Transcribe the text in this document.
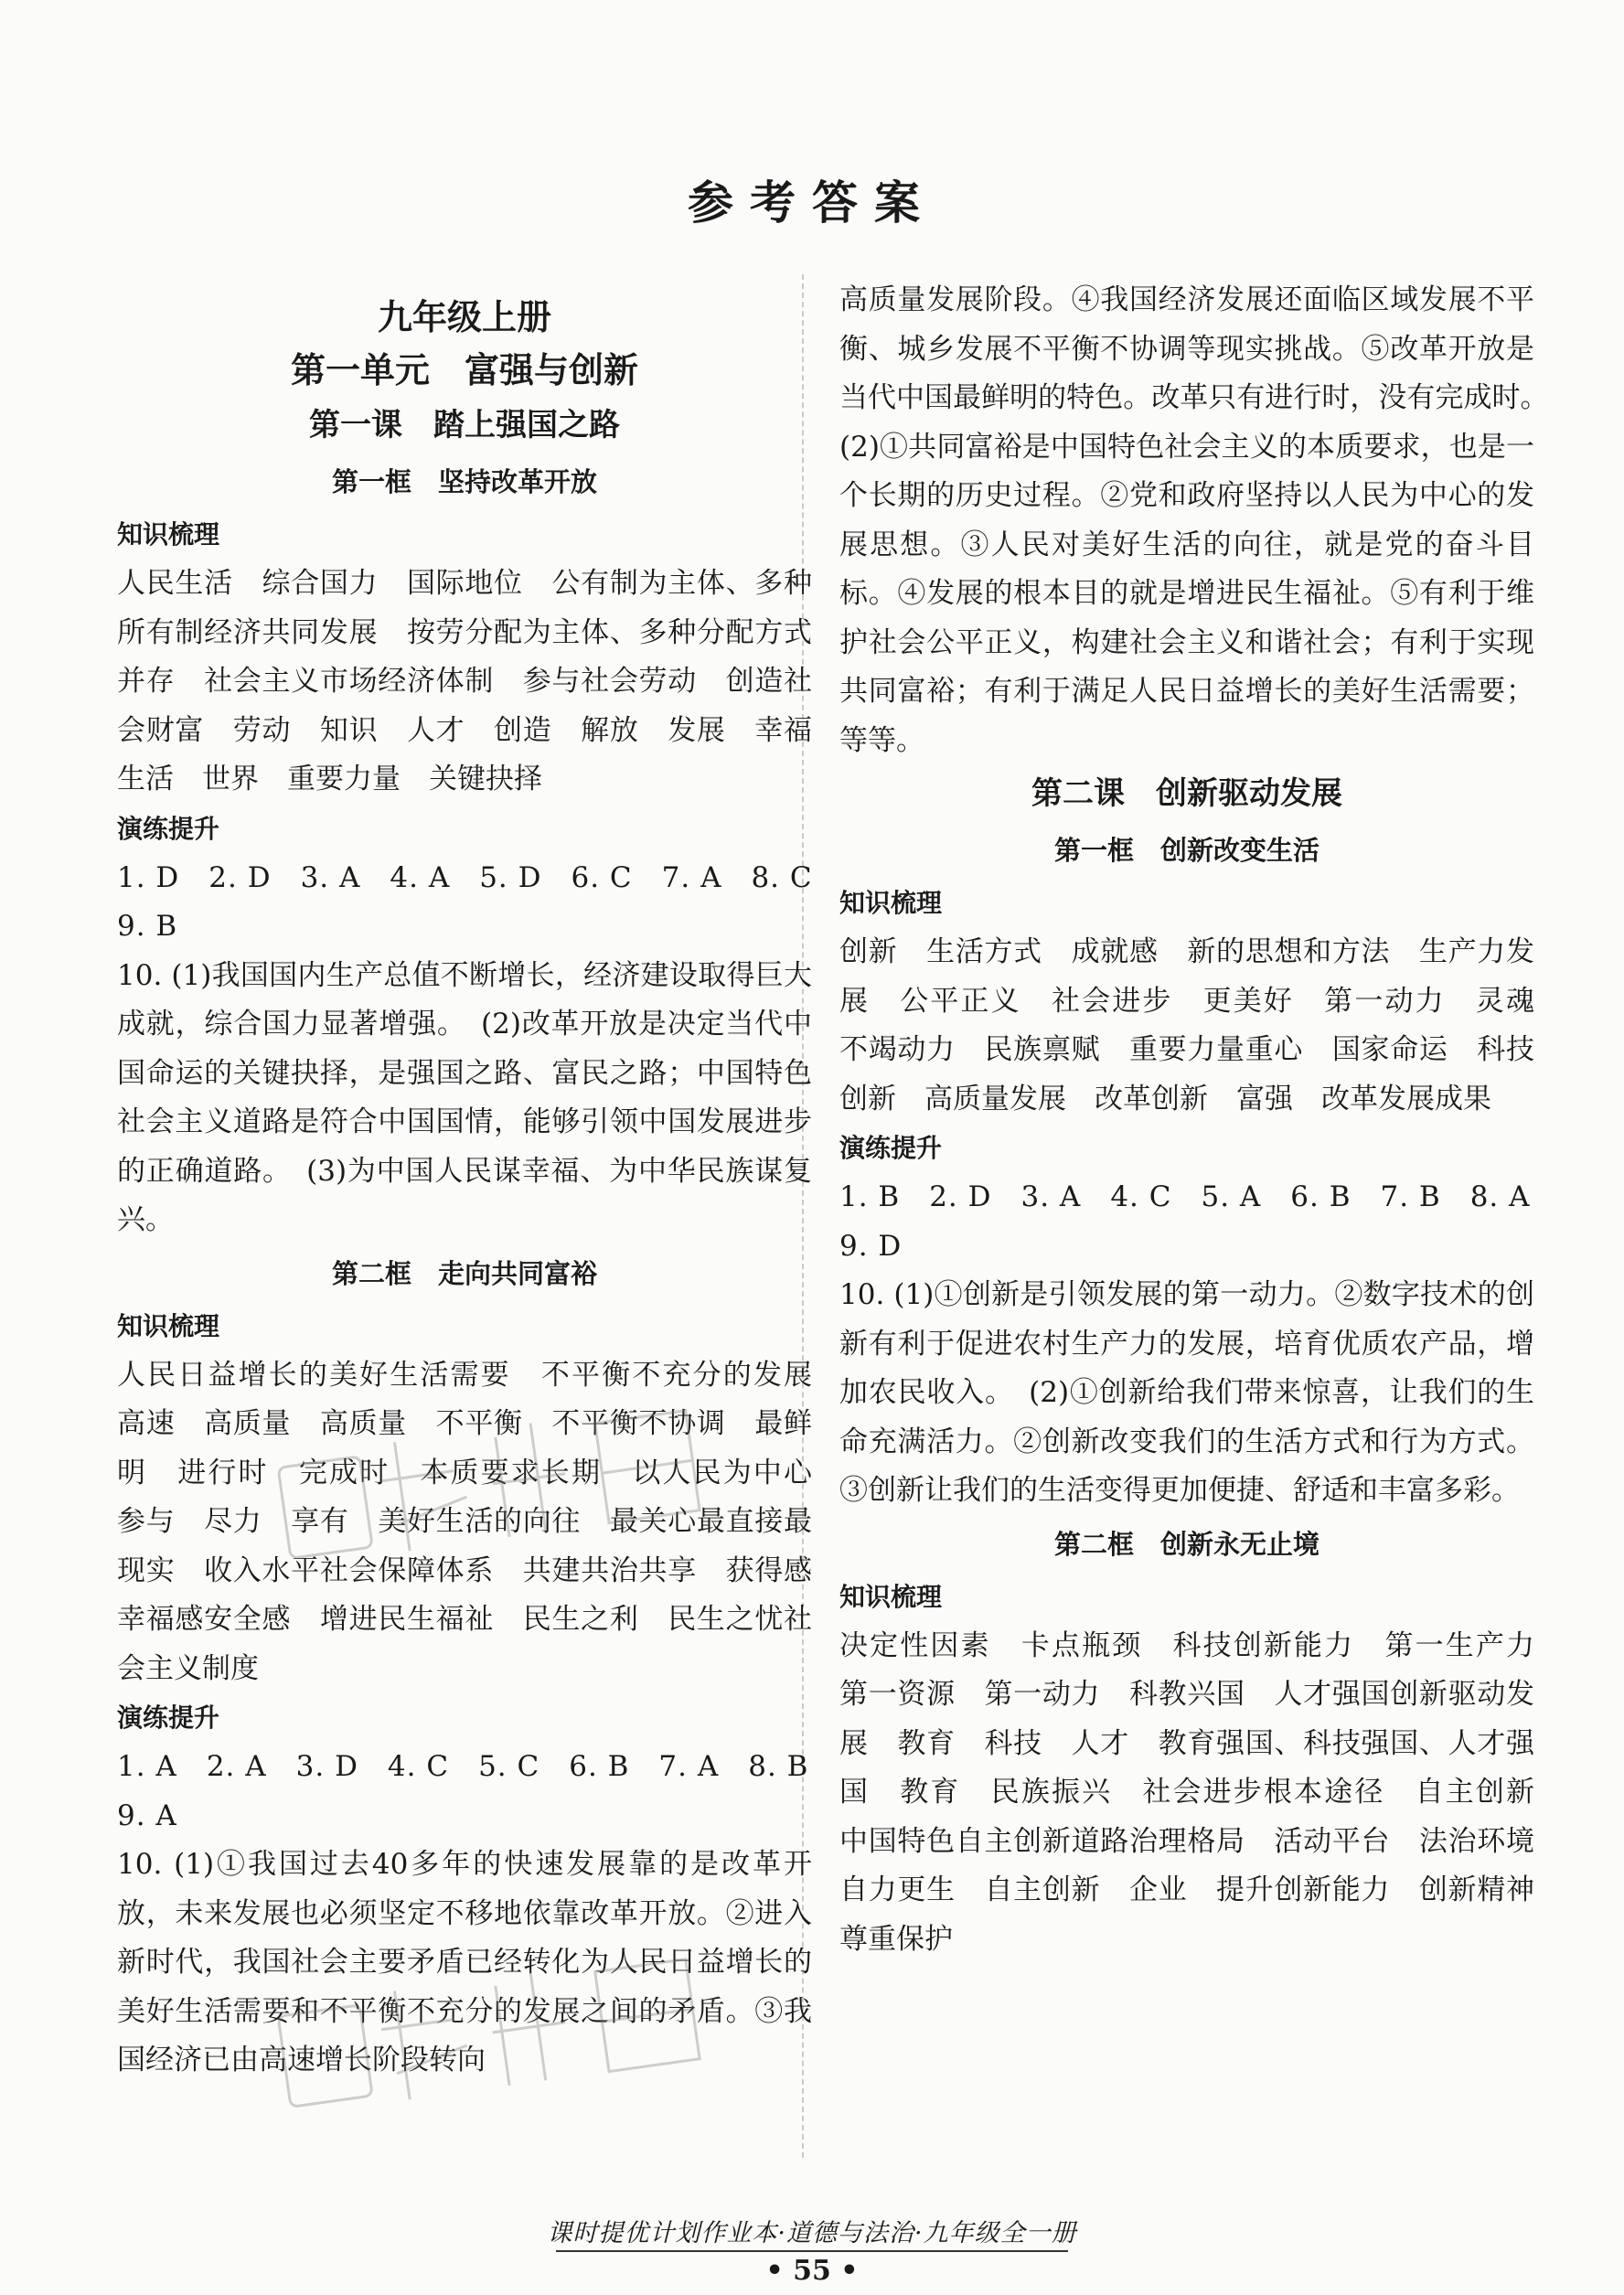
参考答案
九年级上册
第一单元　富强与创新
第一课　踏上强国之路
第一框　坚持改革开放
知识梳理

人民生活　综合国力　国际地位　公有制为主体、多种所有制经济共同发展　按劳分配为主体、多种分配方式并存　社会主义市场经济体制　参与社会劳动　创造社会财富　劳动　知识　人才　创造　解放　发展　幸福生活　世界　重要力量　关键抉择

演练提升

1. D　2. D　3. A　4. A　5. D　6. C　7. A　8. C

9. B

10. (1)我国国内生产总值不断增长，经济建设取得巨大成就，综合国力显著增强。　(2)改革开放是决定当代中国命运的关键抉择，是强国之路、富民之路；中国特色社会主义道路是符合中国国情，能够引领中国发展进步的正确道路。　(3)为中国人民谋幸福、为中华民族谋复兴。

第二框　走向共同富裕
知识梳理

人民日益增长的美好生活需要　不平衡不充分的发展　高速　高质量　高质量　不平衡　不平衡不协调　最鲜明　进行时　完成时　本质要求长期　以人民为中心　参与　尽力　享有　美好生活的向往　最关心最直接最现实　收入水平社会保障体系　共建共治共享　获得感　幸福感安全感　增进民生福祉　民生之利　民生之忧社会主义制度

演练提升

1. A　2. A　3. D　4. C　5. C　6. B　7. A　8. B

9. A

10. (1)①我国过去40多年的快速发展靠的是改革开放，未来发展也必须坚定不移地依靠改革开放。②进入新时代，我国社会主要矛盾已经转化为人民日益增长的美好生活需要和不平衡不充分的发展之间的矛盾。③我国经济已由高速增长阶段转向

高质量发展阶段。④我国经济发展还面临区域发展不平衡、城乡发展不平衡不协调等现实挑战。⑤改革开放是当代中国最鲜明的特色。改革只有进行时，没有完成时。　(2)①共同富裕是中国特色社会主义的本质要求，也是一个长期的历史过程。②党和政府坚持以人民为中心的发展思想。③人民对美好生活的向往，就是党的奋斗目标。④发展的根本目的就是增进民生福祉。⑤有利于维护社会公平正义，构建社会主义和谐社会；有利于实现共同富裕；有利于满足人民日益增长的美好生活需要；等等。

第二课　创新驱动发展
第一框　创新改变生活
知识梳理

创新　生活方式　成就感　新的思想和方法　生产力发展　公平正义　社会进步　更美好　第一动力　灵魂　不竭动力　民族禀赋　重要力量重心　国家命运　科技创新　高质量发展　改革创新　富强　改革发展成果

演练提升

1. B　2. D　3. A　4. C　5. A　6. B　7. B　8. A

9. D

10. (1)①创新是引领发展的第一动力。②数字技术的创新有利于促进农村生产力的发展，培育优质农产品，增加农民收入。　(2)①创新给我们带来惊喜，让我们的生命充满活力。②创新改变我们的生活方式和行为方式。③创新让我们的生活变得更加便捷、舒适和丰富多彩。

第二框　创新永无止境
知识梳理

决定性因素　卡点瓶颈　科技创新能力　第一生产力　第一资源　第一动力　科教兴国　人才强国创新驱动发展　教育　科技　人才　教育强国、科技强国、人才强国　教育　民族振兴　社会进步根本途径　自主创新　中国特色自主创新道路治理格局　活动平台　法治环境　自力更生　自主创新　企业　提升创新能力　创新精神　尊重保护

课时提优计划作业本·道德与法治·九年级全一册
• 55 •
